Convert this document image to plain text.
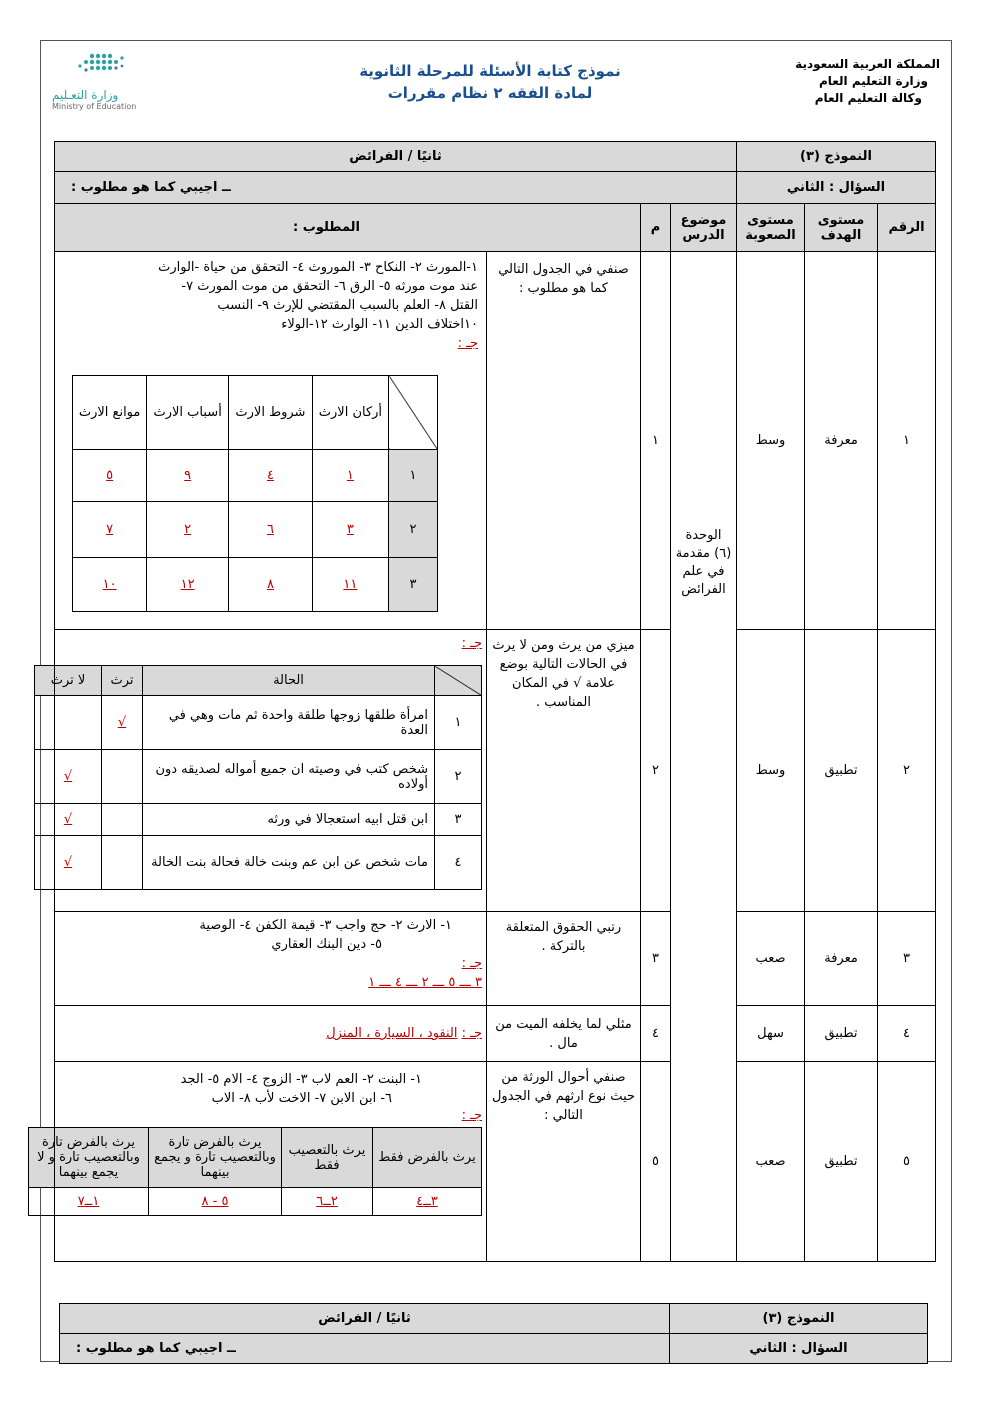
المملكة العربية السعودية
وزارة التعليم العام
وكالة التعليم العام
نموذج كتابة الأسئلة للمرحلة الثانوية
لمادة الفقه ٢ نظام مقررات
وزارة التعـليم
Ministry of Education
النموذج (٣)	ثانيًا / الفرائض
السؤال : الثاني	ــ اجيبي كما هو مطلوب :
الرقم	مستوى الهدف	مستوى الصعوبة	موضوع الدرس	م	المطلوب :
١	معرفة	وسط	
الوحدة (٦) مقدمة في علم الفرائض
	١	صنفي في الجدول التالي كما هو مطلوب :	
١-المورث ٢- النكاح ٣- الموروث ٤- التحقق من حياة -الوارث
عند موت مورثه ٥- الرق ٦- التحقق من موت المورث ٧-
القتل ٨- العلم بالسبب المقتضي للإرث ٩- النسب
١٠اختلاف الدين ١١- الوارث ١٢-الولاء
جـ :
	أركان الارث	شروط الارث	أسباب الارث	موانع الارث
١	١	٤	٩	٥
٢	٣	٦	٢	٧
٣	١١	٨	١٢	١٠

٢	تطبيق	وسط	٢	ميزي من يرث ومن لا يرث في الحالات التالية بوضع علامة √ في المكان المناسب .	جـ :
	الحالة	ترث	لا ترث
١	امرأة طلقها زوجها طلقة واحدة ثم مات وهي في العدة	√	
٢	شخص كتب في وصيته ان جميع أمواله لصديقه دون أولاده		√
٣	ابن قتل ابيه استعجالا في ورثه		√
٤	مات شخص عن ابن عم وبنت خالة فحالة بنت الخالة		√

٣	معرفة	صعب	٣	رتبي الحقوق المتعلقة بالتركة .	
١- الارث ٢- حج واجب ٣- قيمة الكفن ٤- الوصية
٥- دين البنك العقاري
جـ :
٣ ـــ ٥ ـــ ٢ ـــ ٤ ـــ ١

٤	تطبيق	سهل	٤	مثلي لما يخلفه الميت من مال .	جـ : النقود ، السيارة ، المنزل
٥	تطبيق	صعب	٥	صنفي أحوال الورثة من حيث نوع ارثهم في الجدول التالي :	
١- البنت ٢- العم لاب ٣- الزوج ٤- الام ٥- الجد
٦- ابن الابن ٧- الاخت لأب ٨- الاب
جـ :
يرث بالفرض فقط	يرث بالتعصيب فقط	يرث بالفرض تارة وبالتعصيب تارة و يجمع بينهما	يرث بالفرض تارة وبالتعصيب تارة و لا يجمع بينهما
٣ــ٤	٢ــ٦	٥ - ٨	١ــ٧
النموذج (٣)	ثانيًا / الفرائض
السؤال : الثاني	ــ اجيبي كما هو مطلوب :
